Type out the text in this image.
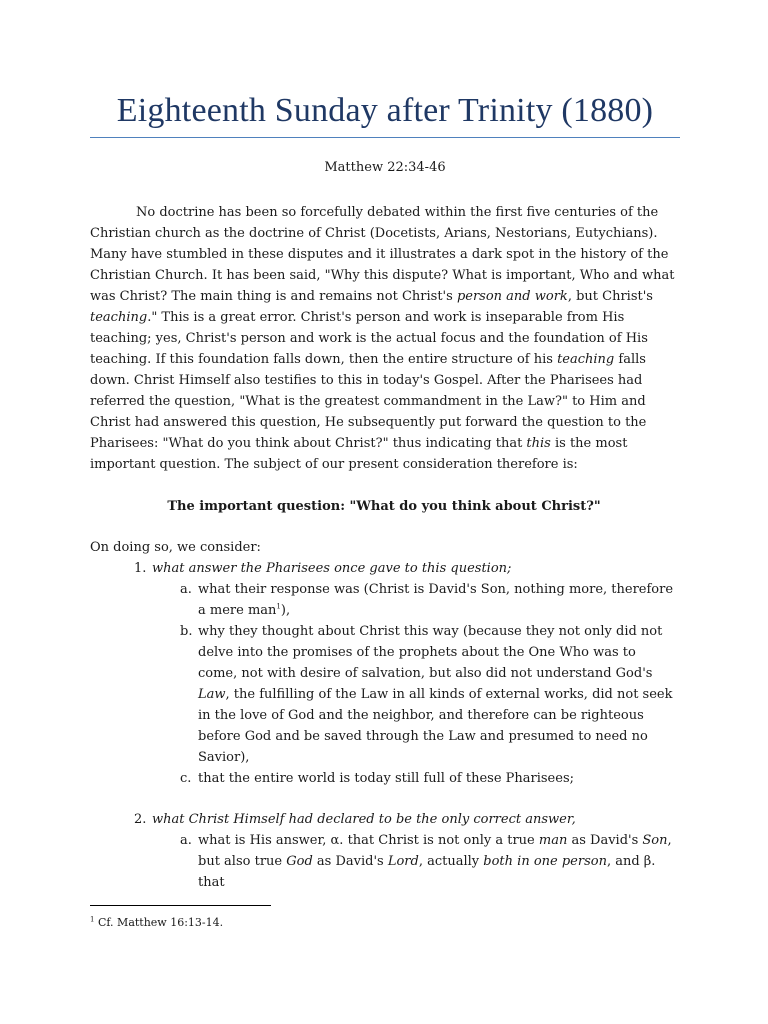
Eighteenth Sunday after Trinity (1880)
Matthew 22:34-46

No doctrine has been so forcefully debated within the first five centuries of the Christian church as the doctrine of Christ (Docetists, Arians, Nestorians, Eutychians). Many have stumbled in these disputes and it illustrates a dark spot in the history of the Christian Church. It has been said, "Why this dispute? What is important, Who and what was Christ? The main thing is and remains not Christ's person and work, but Christ's teaching." This is a great error. Christ's person and work is inseparable from His teaching; yes, Christ's person and work is the actual focus and the foundation of His teaching. If this foundation falls down, then the entire structure of his teaching falls down. Christ Himself also testifies to this in today's Gospel. After the Pharisees had referred the question, "What is the greatest commandment in the Law?" to Him and Christ had answered this question, He subsequently put forward the question to the Pharisees: "What do you think about Christ?" thus indicating that this is the most important question. The subject of our present consideration therefore is:

The important question: "What do you think about Christ?"

On doing so, we consider:

1. what answer the Pharisees once gave to this question;
a. what their response was (Christ is David's Son, nothing more, therefore a mere man$^1$),
b. why they thought about Christ this way (because they not only did not delve into the promises of the prophets about the One Who was to come, not with desire of salvation, but also did not understand God's Law, the fulfilling of the Law in all kinds of external works, did not seek in the love of God and the neighbor, and therefore can be righteous before God and be saved through the Law and presumed to need no Savior),
c. that the entire world is today still full of these Pharisees;
2. what Christ Himself had declared to be the only correct answer,
a. what is His answer, α. that Christ is not only a true man as David's Son, but also true God as David's Lord, actually both in one person, and β. that
$^1$ Cf. Matthew 16:13-14.
